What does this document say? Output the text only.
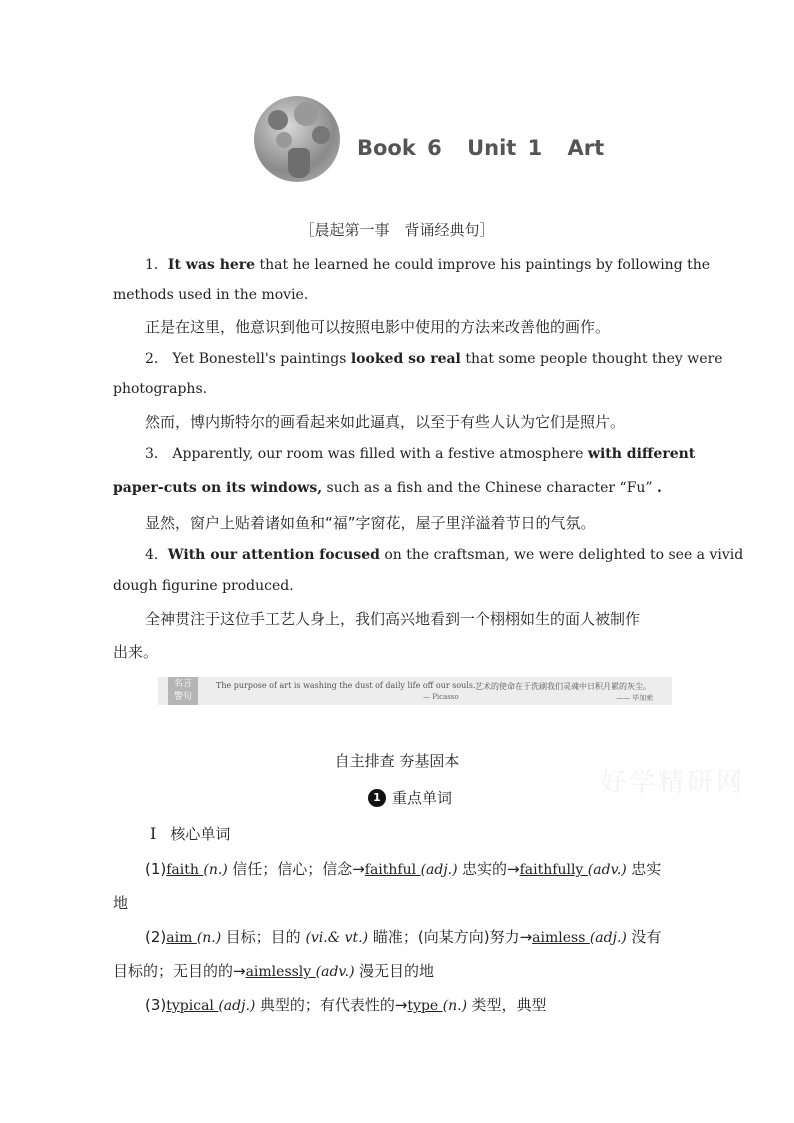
Book 6 Unit 1 Art
［晨起第一事　背诵经典句］
1．It was here that he learned he could improve his paintings by following the
methods used in the movie.
正是在这里，他意识到他可以按照电影中使用的方法来改善他的画作。
2． Yet Bonestell's paintings looked so real that some people thought they were
photographs.
然而，博内斯特尔的画看起来如此逼真，以至于有些人认为它们是照片。
3． Apparently, our room was filled with a festive atmosphere with different
paper-cuts on its windows, such as a fish and the Chinese character “Fu” .
显然，窗户上贴着诸如鱼和“福”字窗花，屋子里洋溢着节日的气氛。
4．With our attention focused on the craftsman, we were delighted to see a vivid
dough figurine produced.
全神贯注于这位手工艺人身上，我们高兴地看到一个栩栩如生的面人被制作
出来。
名言
警句
The purpose of art is washing the dust of daily life off our souls.
— Picasso
艺术的使命在于洗刷我们灵魂中日积月累的灰尘。
—— 毕加索
自主排查 夯基固本
好学精研网
1 重点单词
Ⅰ 核心单词
(1)faith (n.) 信任；信心；信念→faithful (adj.) 忠实的→faithfully (adv.) 忠实
地
(2)aim (n.) 目标；目的 (vi.& vt.) 瞄准；(向某方向)努力→aimless (adj.) 没有
目标的；无目的的→aimlessly (adv.) 漫无目的地
(3)typical (adj.) 典型的；有代表性的→type (n.) 类型，典型
